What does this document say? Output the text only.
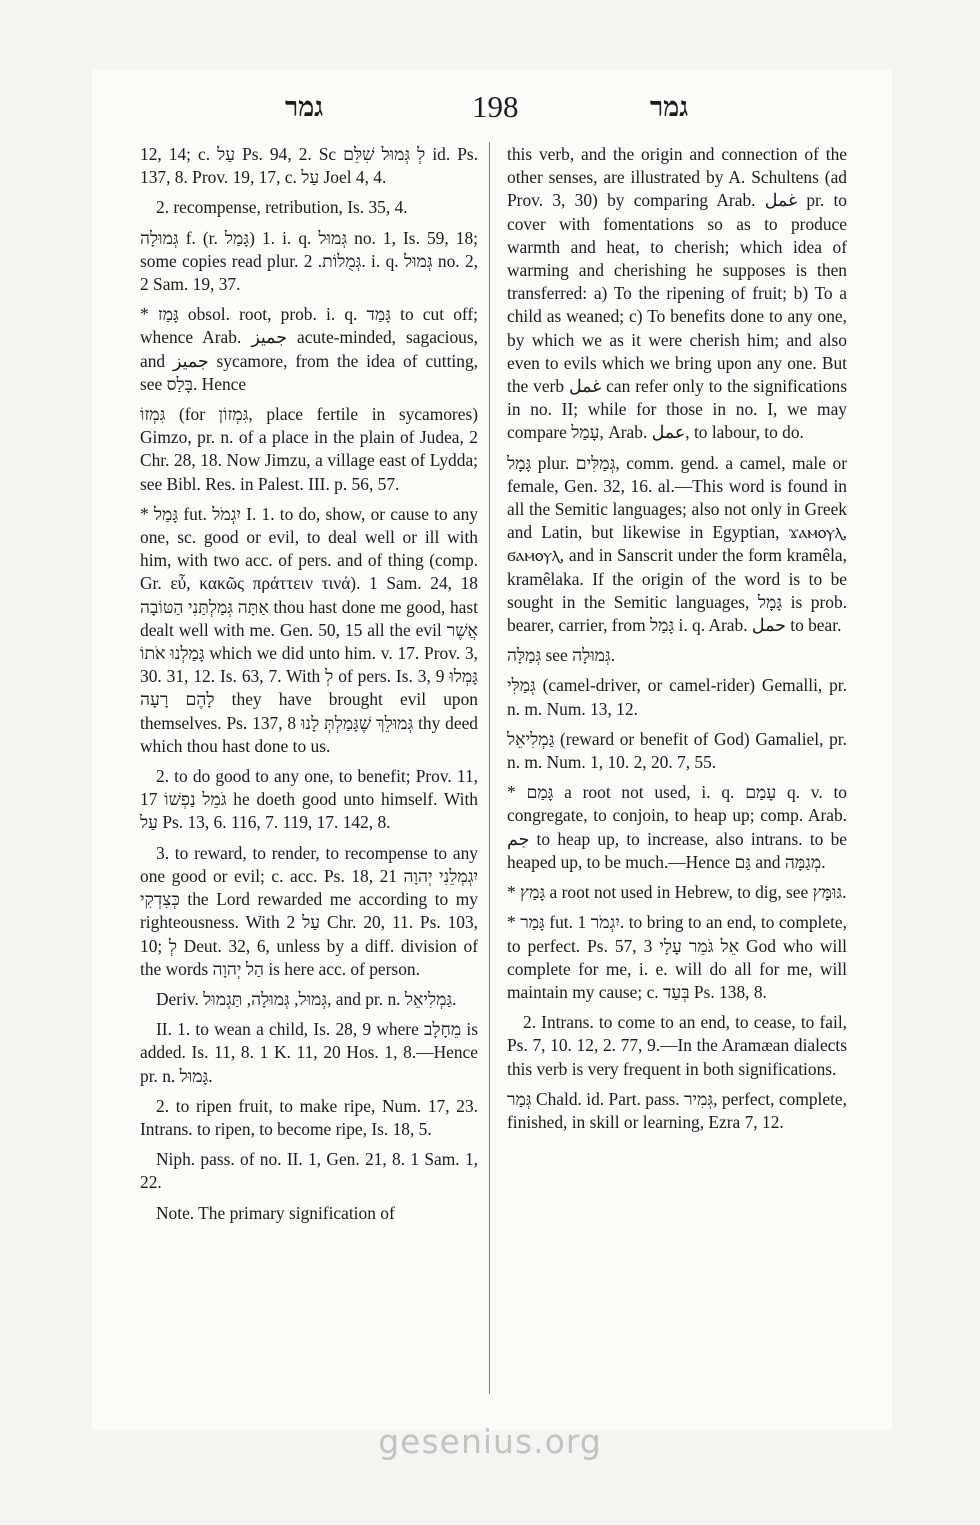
גמר	198	גמר

12, 14; c. עַל Ps. 94, 2. Sc לְ גְּמוּל שִׁלֵּם id. Ps. 137, 8. Prov. 19, 17, c. עַל Joel 4, 4.

2. recompense, retribution, Is. 35, 4.

גְּמוּלָה f. (r. גָּמַל) 1. i. q. גְּמוּל no. 1, Is. 59, 18; some copies read plur. גְּמֻלוֹת. 2. i. q. גְּמוּל no. 2, 2 Sam. 19, 37.

* גָּמַז obsol. root, prob. i. q. גָּמַד to cut off; whence Arab. جميز acute-minded, sagacious, and جميز sycamore, from the idea of cutting, see בָּלַס. Hence

גִּמְזוֹ (for גִּמְזוֹן, place fertile in sycamores) Gimzo, pr. n. of a place in the plain of Judea, 2 Chr. 28, 18. Now Jimzu, a village east of Lydda; see Bibl. Res. in Palest. III. p. 56, 57.

* גָּמַל fut. יִגְמֹל I. 1. to do, show, or cause to any one, sc. good or evil, to deal well or ill with him, with two acc. of pers. and of thing (comp. Gr. εὖ, κακῶς πράττειν τινά). 1 Sam. 24, 18 אַתָּה גְּמַלְתַּנִי הַטּוֹבָה thou hast done me good, hast dealt well with me. Gen. 50, 15 all the evil אֲשֶׁר גָּמַלְנוּ אֹתוֹ which we did unto him. v. 17. Prov. 3, 30. 31, 12. Is. 63, 7. With לְ of pers. Is. 3, 9 גָּמְלוּ לָהֶם רָעָה they have brought evil upon themselves. Ps. 137, 8 גְּמוּלֵךְ שֶׁגָּמַלְתְּ לָנוּ thy deed which thou hast done to us.

2. to do good to any one, to benefit; Prov. 11, 17 גֹּמֵל נַפְשׁוֹ he doeth good unto himself. With עַל Ps. 13, 6. 116, 7. 119, 17. 142, 8.

3. to reward, to render, to recompense to any one good or evil; c. acc. Ps. 18, 21 יִגְמְלֵנִי יְהוָה כְּצִדְקִי the Lord rewarded me according to my righteousness. With עַל 2 Chr. 20, 11. Ps. 103, 10; לְ Deut. 32, 6, unless by a diff. division of the words הַל יְהוָה is here acc. of person.

Deriv. גְּמוּל, גְּמוּלָה, תַּגְמוּל, and pr. n. גַּמְלִיאֵל.

II. 1. to wean a child, Is. 28, 9 where מֵחָלָב is added. Is. 11, 8. 1 K. 11, 20 Hos. 1, 8.—Hence pr. n. גָּמוּל.

2. to ripen fruit, to make ripe, Num. 17, 23. Intrans. to ripen, to become ripe, Is. 18, 5.

Niph. pass. of no. II. 1, Gen. 21, 8. 1 Sam. 1, 22.

Note. The primary signification of

this verb, and the origin and connection of the other senses, are illustrated by A. Schultens (ad Prov. 3, 30) by comparing Arab. غمل pr. to cover with fomentations so as to produce warmth and heat, to cherish; which idea of warming and cherishing he supposes is then transferred: a) To the ripening of fruit; b) To a child as weaned; c) To benefits done to any one, by which we as it were cherish him; and also even to evils which we bring upon any one. But the verb غمل can refer only to the significations in no. II; while for those in no. I, we may compare עָמַל, Arab. عمل, to labour, to do.

גָּמָל plur. גְּמַלִּים, comm. gend. a camel, male or female, Gen. 32, 16. al.—This word is found in all the Semitic languages; also not only in Greek and Latin, but likewise in Egyptian, ϫⲁⲙⲟⲩⲗ, ϭⲁⲙⲟⲩⲗ, and in Sanscrit under the form kramêla, kramêlaka. If the origin of the word is to be sought in the Semitic languages, גָּמָל is prob. bearer, carrier, from גָּמַל i. q. Arab. حمل to bear.

גְּמַלָּה see גְּמוּלָה.

גְּמַלִּי (camel-driver, or camel-rider) Gemalli, pr. n. m. Num. 13, 12.

גַּמְלִיאֵל (reward or benefit of God) Gamaliel, pr. n. m. Num. 1, 10. 2, 20. 7, 55.

* גָּמַם a root not used, i. q. עָמַם q. v. to congregate, to conjoin, to heap up; comp. Arab. جم to heap up, to increase, also intrans. to be heaped up, to be much.—Hence גַּם and מְגַמָּה.

* גָּמַץ a root not used in Hebrew, to dig, see גּוּמָּץ.

* גָּמַר fut. יִגְמֹר 1. to bring to an end, to complete, to perfect. Ps. 57, 3 אֵל גֹּמֵר עָלָי God who will complete for me, i. e. will do all for me, will maintain my cause; c. בְּעַד Ps. 138, 8.

2. Intrans. to come to an end, to cease, to fail, Ps. 7, 10. 12, 2. 77, 9.—In the Aramæan dialects this verb is very frequent in both significations.

גְּמַר Chald. id. Part. pass. גְּמִיר, perfect, complete, finished, in skill or learning, Ezra 7, 12.

gesenius.org
